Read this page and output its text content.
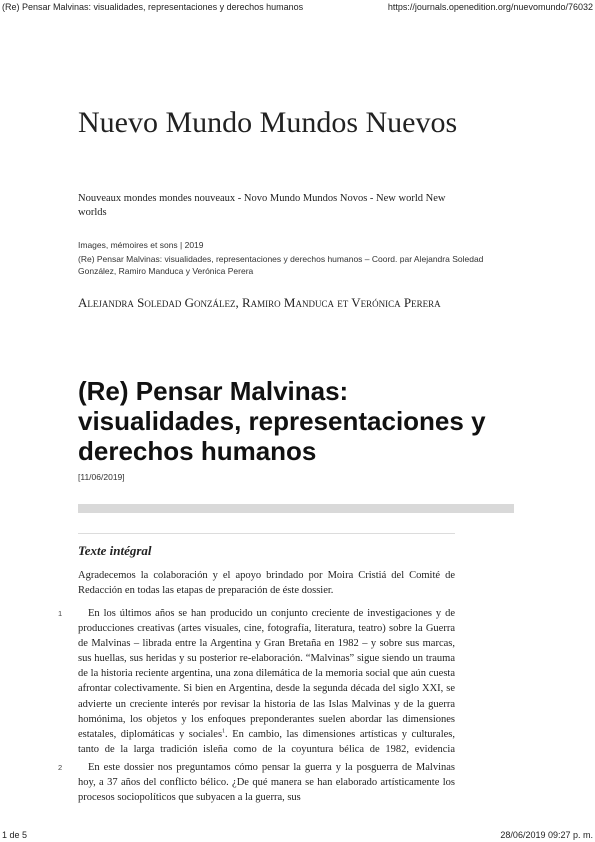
(Re) Pensar Malvinas: visualidades, representaciones y derechos humanos	https://journals.openedition.org/nuevomundo/76032
Nuevo Mundo Mundos Nuevos
Nouveaux mondes mondes nouveaux - Novo Mundo Mundos Novos - New world New worlds
Images, mémoires et sons | 2019
(Re) Pensar Malvinas: visualidades, representaciones y derechos humanos – Coord. par Alejandra Soledad González, Ramiro Manduca y Verónica Perera
Alejandra Soledad González, Ramiro Manduca et Verónica Perera
(Re) Pensar Malvinas: visualidades, representaciones y derechos humanos
[11/06/2019]
Texte intégral
Agradecemos la colaboración y el apoyo brindado por Moira Cristiá del Comité de Redacción en todas las etapas de preparación de éste dossier.
1	En los últimos años se han producido un conjunto creciente de investigaciones y de producciones creativas (artes visuales, cine, fotografía, literatura, teatro) sobre la Guerra de Malvinas – librada entre la Argentina y Gran Bretaña en 1982 – y sobre sus marcas, sus huellas, sus heridas y su posterior re-elaboración. “Malvinas” sigue siendo un trauma de la historia reciente argentina, una zona dilemática de la memoria social que aún cuesta afrontar colectivamente. Si bien en Argentina, desde la segunda década del siglo XXI, se advierte un creciente interés por revisar la historia de las Islas Malvinas y de la guerra homónima, los objetos y los enfoques preponderantes suelen abordar las dimensiones estatales, diplomáticas y sociales$^1$. En cambio, las dimensiones artísticas y culturales, tanto de la larga tradición isleña como de la coyuntura bélica de 1982, evidencia
2	En este dossier nos preguntamos cómo pensar la guerra y la posguerra de Malvinas hoy, a 37 años del conflicto bélico. ¿De qué manera se han elaborado artísticamente los procesos sociopolíticos que subyacen a la guerra, sus
1 de 5	28/06/2019 09:27 p. m.
